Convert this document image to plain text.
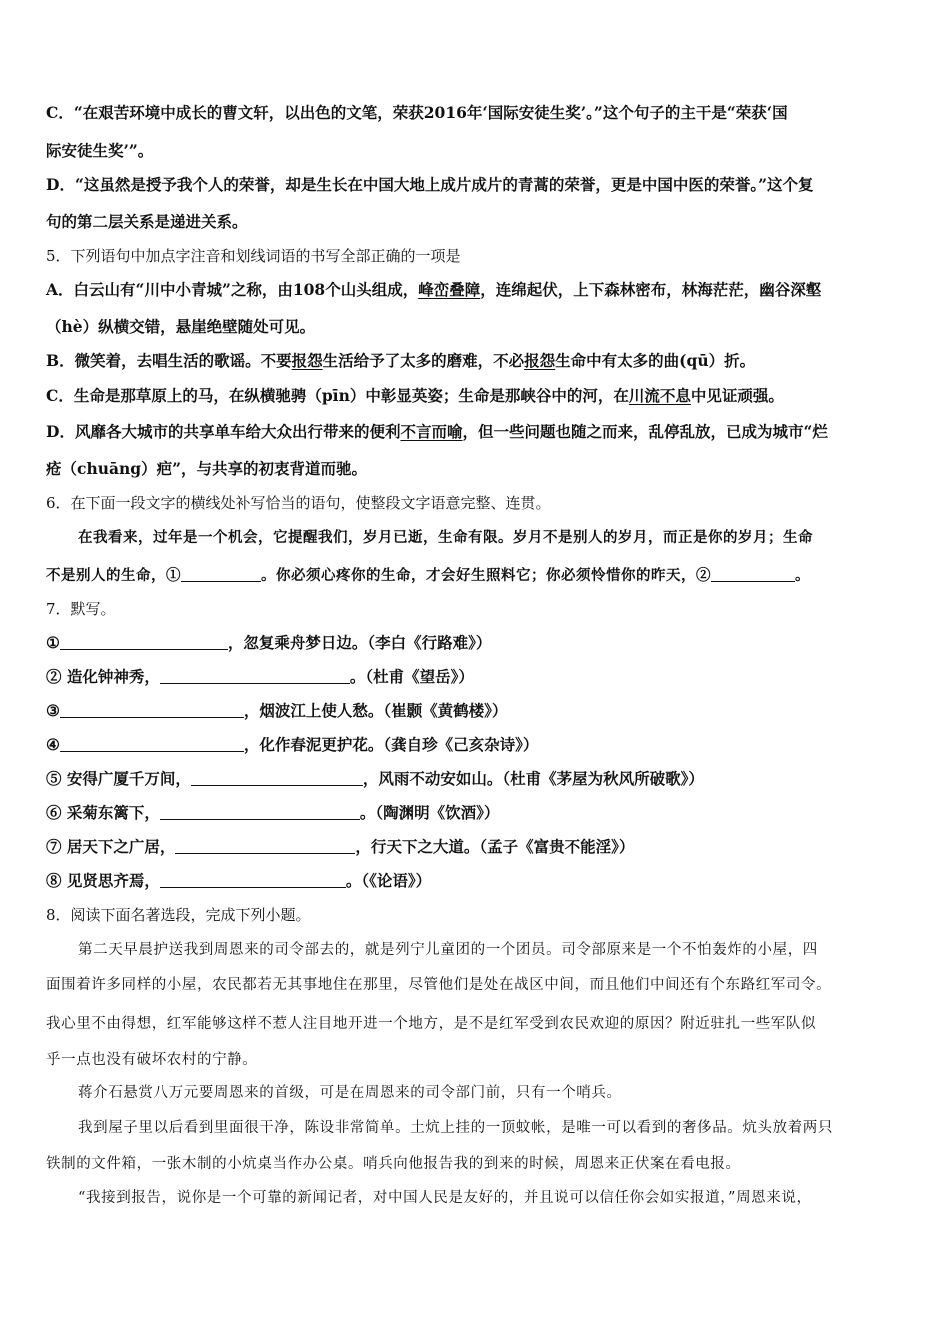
C．“在艰苦环境中成长的曹文轩，以出色的文笔，荣获2016年‘国际安徒生奖’。”这个句子的主干是“荣获‘国
际安徒生奖’”。
D．“这虽然是授予我个人的荣誉，却是生长在中国大地上成片成片的青蒿的荣誉，更是中国中医的荣誉。”这个复
句的第二层关系是递进关系。
5．下列语句中加点字注音和划线词语的书写全部正确的一项是
A．白云山有“川中小青城”之称，由108个山头组成，峰峦叠障，连绵起伏，上下森林密布，林海茫茫，幽谷深壑
（hè）纵横交错，悬崖绝壁随处可见。
B．微笑着，去唱生活的歌谣。不要报怨生活给予了太多的磨难，不必报怨生命中有太多的曲(qū）折。
C．生命是那草原上的马，在纵横驰骋（pīn）中彰显英姿；生命是那峡谷中的河，在川流不息中见证顽强。
D．风靡各大城市的共享单车给大众出行带来的便利不言而喻，但一些问题也随之而来，乱停乱放，已成为城市“烂
疮（chuāng）疤”，与共享的初衷背道而驰。
6．在下面一段文字的横线处补写恰当的语句，使整段文字语意完整、连贯。
在我看来，过年是一个机会，它提醒我们，岁月已逝，生命有限。岁月不是别人的岁月，而正是你的岁月；生命
不是别人的生命，①	。你必须心疼你的生命，才会好生照料它；你必须怜惜你的昨天，②	。
7．默写。
①	，忽复乘舟梦日边。（李白《行路难》）
② 造化钟神秀，	。（杜甫《望岳》）
③	，烟波江上使人愁。（崔颢《黄鹤楼》）
④	，化作春泥更护花。（龚自珍《己亥杂诗》）
⑤ 安得广厦千万间，	，风雨不动安如山。（杜甫《茅屋为秋风所破歌》）
⑥ 采菊东篱下，	。（陶渊明《饮酒》）
⑦ 居天下之广居，	，行天下之大道。（孟子《富贵不能淫》）
⑧ 见贤思齐焉，	。（《论语》）
8．阅读下面名著选段，完成下列小题。
第二天早晨护送我到周恩来的司令部去的，就是列宁儿童团的一个团员。司令部原来是一个不怕轰炸的小屋，四
面围着许多同样的小屋，农民都若无其事地住在那里，尽管他们是处在战区中间，而且他们中间还有个东路红军司令。
我心里不由得想，红军能够这样不惹人注目地开进一个地方，是不是红军受到农民欢迎的原因？附近驻扎一些军队似
乎一点也没有破坏农村的宁静。
蒋介石悬赏八万元要周恩来的首级，可是在周恩来的司令部门前，只有一个哨兵。
我到屋子里以后看到里面很干净，陈设非常简单。土炕上挂的一顶蚊帐，是唯一可以看到的奢侈品。炕头放着两只
铁制的文件箱，一张木制的小炕桌当作办公桌。哨兵向他报告我的到来的时候，周恩来正伏案在看电报。
“我接到报告，说你是一个可靠的新闻记者，对中国人民是友好的，并且说可以信任你会如实报道，”周恩来说，
